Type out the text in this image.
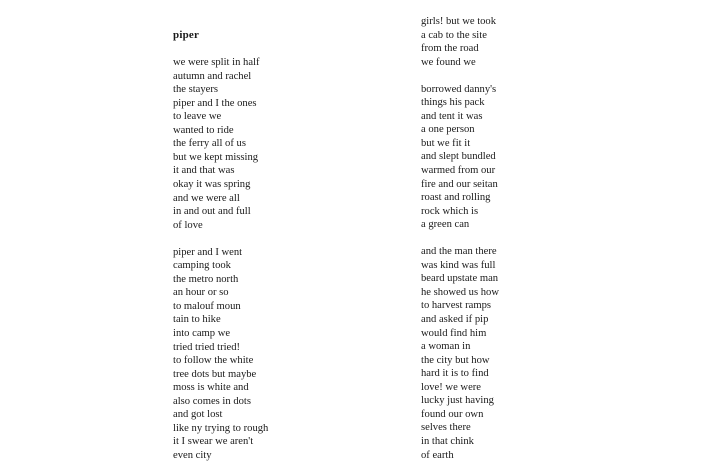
piper
we were split in half
autumn and rachel
the stayers
piper and I the ones
to leave we
wanted to ride
the ferry all of us
but we kept missing
it and that was
okay it was spring
and we were all
in and out and full
of love
piper and I went
camping took
the metro north
an hour or so
to malouf moun
tain to hike
into camp we
tried tried tried!
to follow the white
tree dots but maybe
moss is white and
also comes in dots
and got lost
like ny trying to rough
it I swear we aren't
even city
girls! but we took
a cab to the site
from the road
we found we
borrowed danny's
things his pack
and tent it was
a one person
but we fit it
and slept bundled
warmed from our
fire and our seitan
roast and rolling
rock which is
a green can
and the man there
was kind was full
beard upstate man
he showed us how
to harvest ramps
and asked if pip
would find him
a woman in
the city but how
hard it is to find
love! we were
lucky just having
found our own
selves there
in that chink
of earth
